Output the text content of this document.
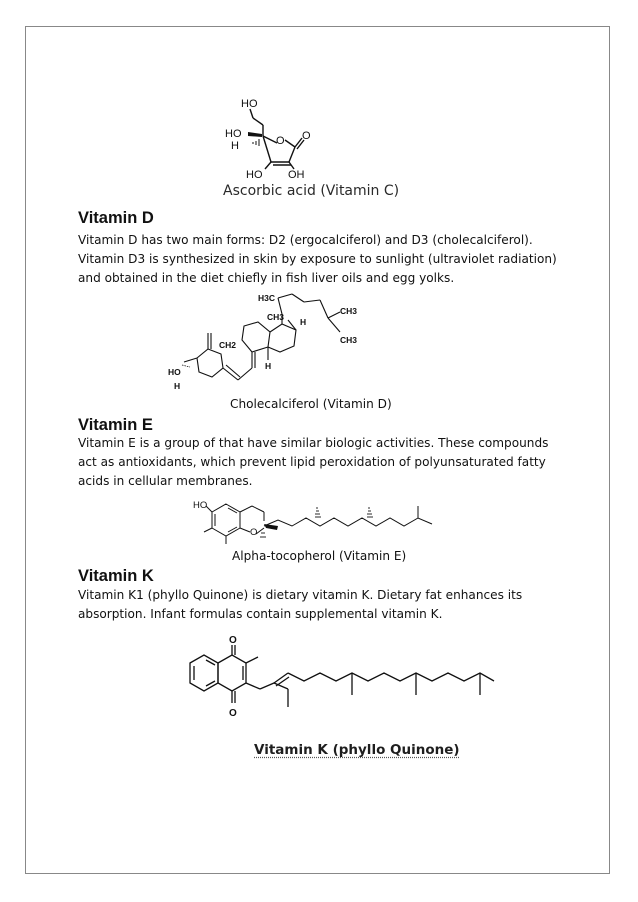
HO
HO
H	O O
HO OH
Ascorbic acid (Vitamin C)
Vitamin D
Vitamin D has two main forms: D2 (ergocalciferol) and D3 (cholecalciferol).
Vitamin D3 is synthesized in skin by exposure to sunlight (ultraviolet radiation)
and obtained in the diet chiefly in fish liver oils and egg yolks.
H3C
CH3
CH3
CH3
H
CH2
H
HO
H
Cholecalciferol (Vitamin D)
Vitamin E
Vitamin E is a group of that have similar biologic activities. These compounds
act as antioxidants, which prevent lipid peroxidation of polyunsaturated fatty
acids in cellular membranes.
HO
O
Alpha-tocopherol (Vitamin E)
Vitamin K
Vitamin K1 (phyllo Quinone) is dietary vitamin K. Dietary fat enhances its
absorption. Infant formulas contain supplemental vitamin K.
O
O
Vitamin K (phyllo Quinone)
